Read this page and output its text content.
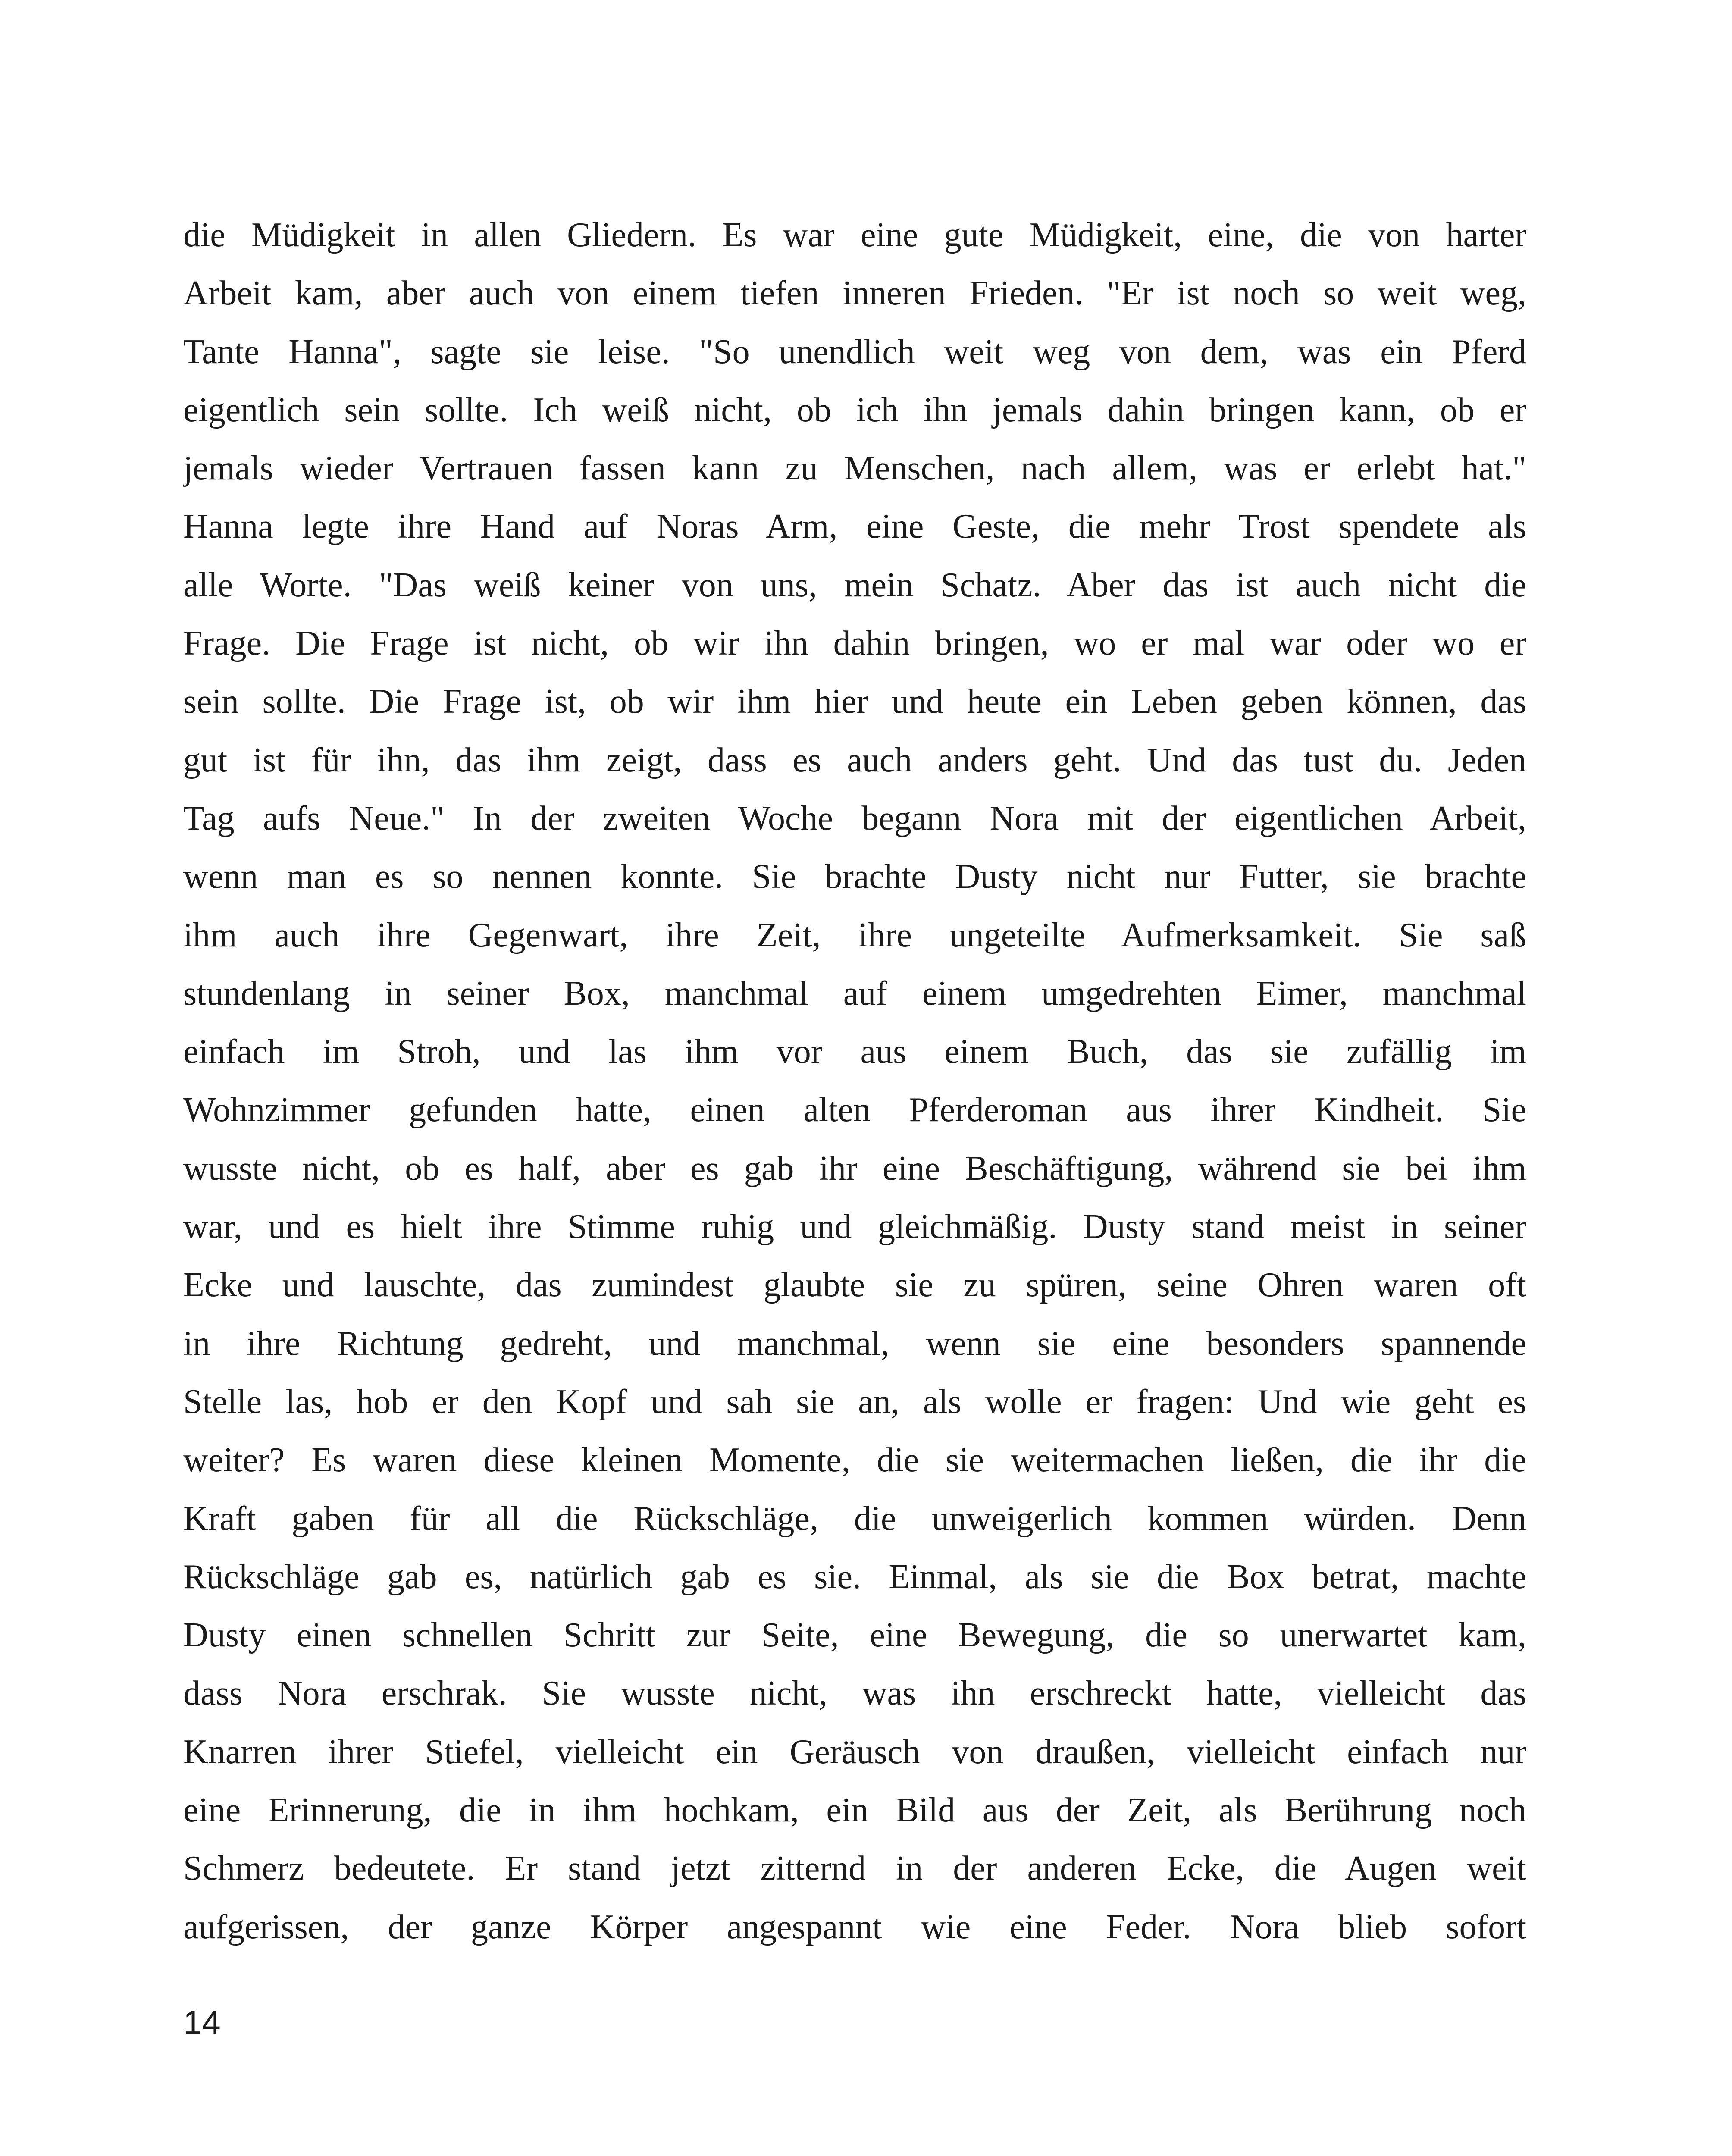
die Müdigkeit in allen Gliedern. Es war eine gute Müdigkeit, eine, die von harter
Arbeit kam, aber auch von einem tiefen inneren Frieden. "Er ist noch so weit weg,
Tante Hanna", sagte sie leise. "So unendlich weit weg von dem, was ein Pferd
eigentlich sein sollte. Ich weiß nicht, ob ich ihn jemals dahin bringen kann, ob er
jemals wieder Vertrauen fassen kann zu Menschen, nach allem, was er erlebt hat."
Hanna legte ihre Hand auf Noras Arm, eine Geste, die mehr Trost spendete als
alle Worte. "Das weiß keiner von uns, mein Schatz. Aber das ist auch nicht die
Frage. Die Frage ist nicht, ob wir ihn dahin bringen, wo er mal war oder wo er
sein sollte. Die Frage ist, ob wir ihm hier und heute ein Leben geben können, das
gut ist für ihn, das ihm zeigt, dass es auch anders geht. Und das tust du. Jeden
Tag aufs Neue." In der zweiten Woche begann Nora mit der eigentlichen Arbeit,
wenn man es so nennen konnte. Sie brachte Dusty nicht nur Futter, sie brachte
ihm auch ihre Gegenwart, ihre Zeit, ihre ungeteilte Aufmerksamkeit. Sie saß
stundenlang in seiner Box, manchmal auf einem umgedrehten Eimer, manchmal
einfach im Stroh, und las ihm vor aus einem Buch, das sie zufällig im
Wohnzimmer gefunden hatte, einen alten Pferderoman aus ihrer Kindheit. Sie
wusste nicht, ob es half, aber es gab ihr eine Beschäftigung, während sie bei ihm
war, und es hielt ihre Stimme ruhig und gleichmäßig. Dusty stand meist in seiner
Ecke und lauschte, das zumindest glaubte sie zu spüren, seine Ohren waren oft
in ihre Richtung gedreht, und manchmal, wenn sie eine besonders spannende
Stelle las, hob er den Kopf und sah sie an, als wolle er fragen: Und wie geht es
weiter? Es waren diese kleinen Momente, die sie weitermachen ließen, die ihr die
Kraft gaben für all die Rückschläge, die unweigerlich kommen würden. Denn
Rückschläge gab es, natürlich gab es sie. Einmal, als sie die Box betrat, machte
Dusty einen schnellen Schritt zur Seite, eine Bewegung, die so unerwartet kam,
dass Nora erschrak. Sie wusste nicht, was ihn erschreckt hatte, vielleicht das
Knarren ihrer Stiefel, vielleicht ein Geräusch von draußen, vielleicht einfach nur
eine Erinnerung, die in ihm hochkam, ein Bild aus der Zeit, als Berührung noch
Schmerz bedeutete. Er stand jetzt zitternd in der anderen Ecke, die Augen weit
aufgerissen, der ganze Körper angespannt wie eine Feder. Nora blieb sofort

14
